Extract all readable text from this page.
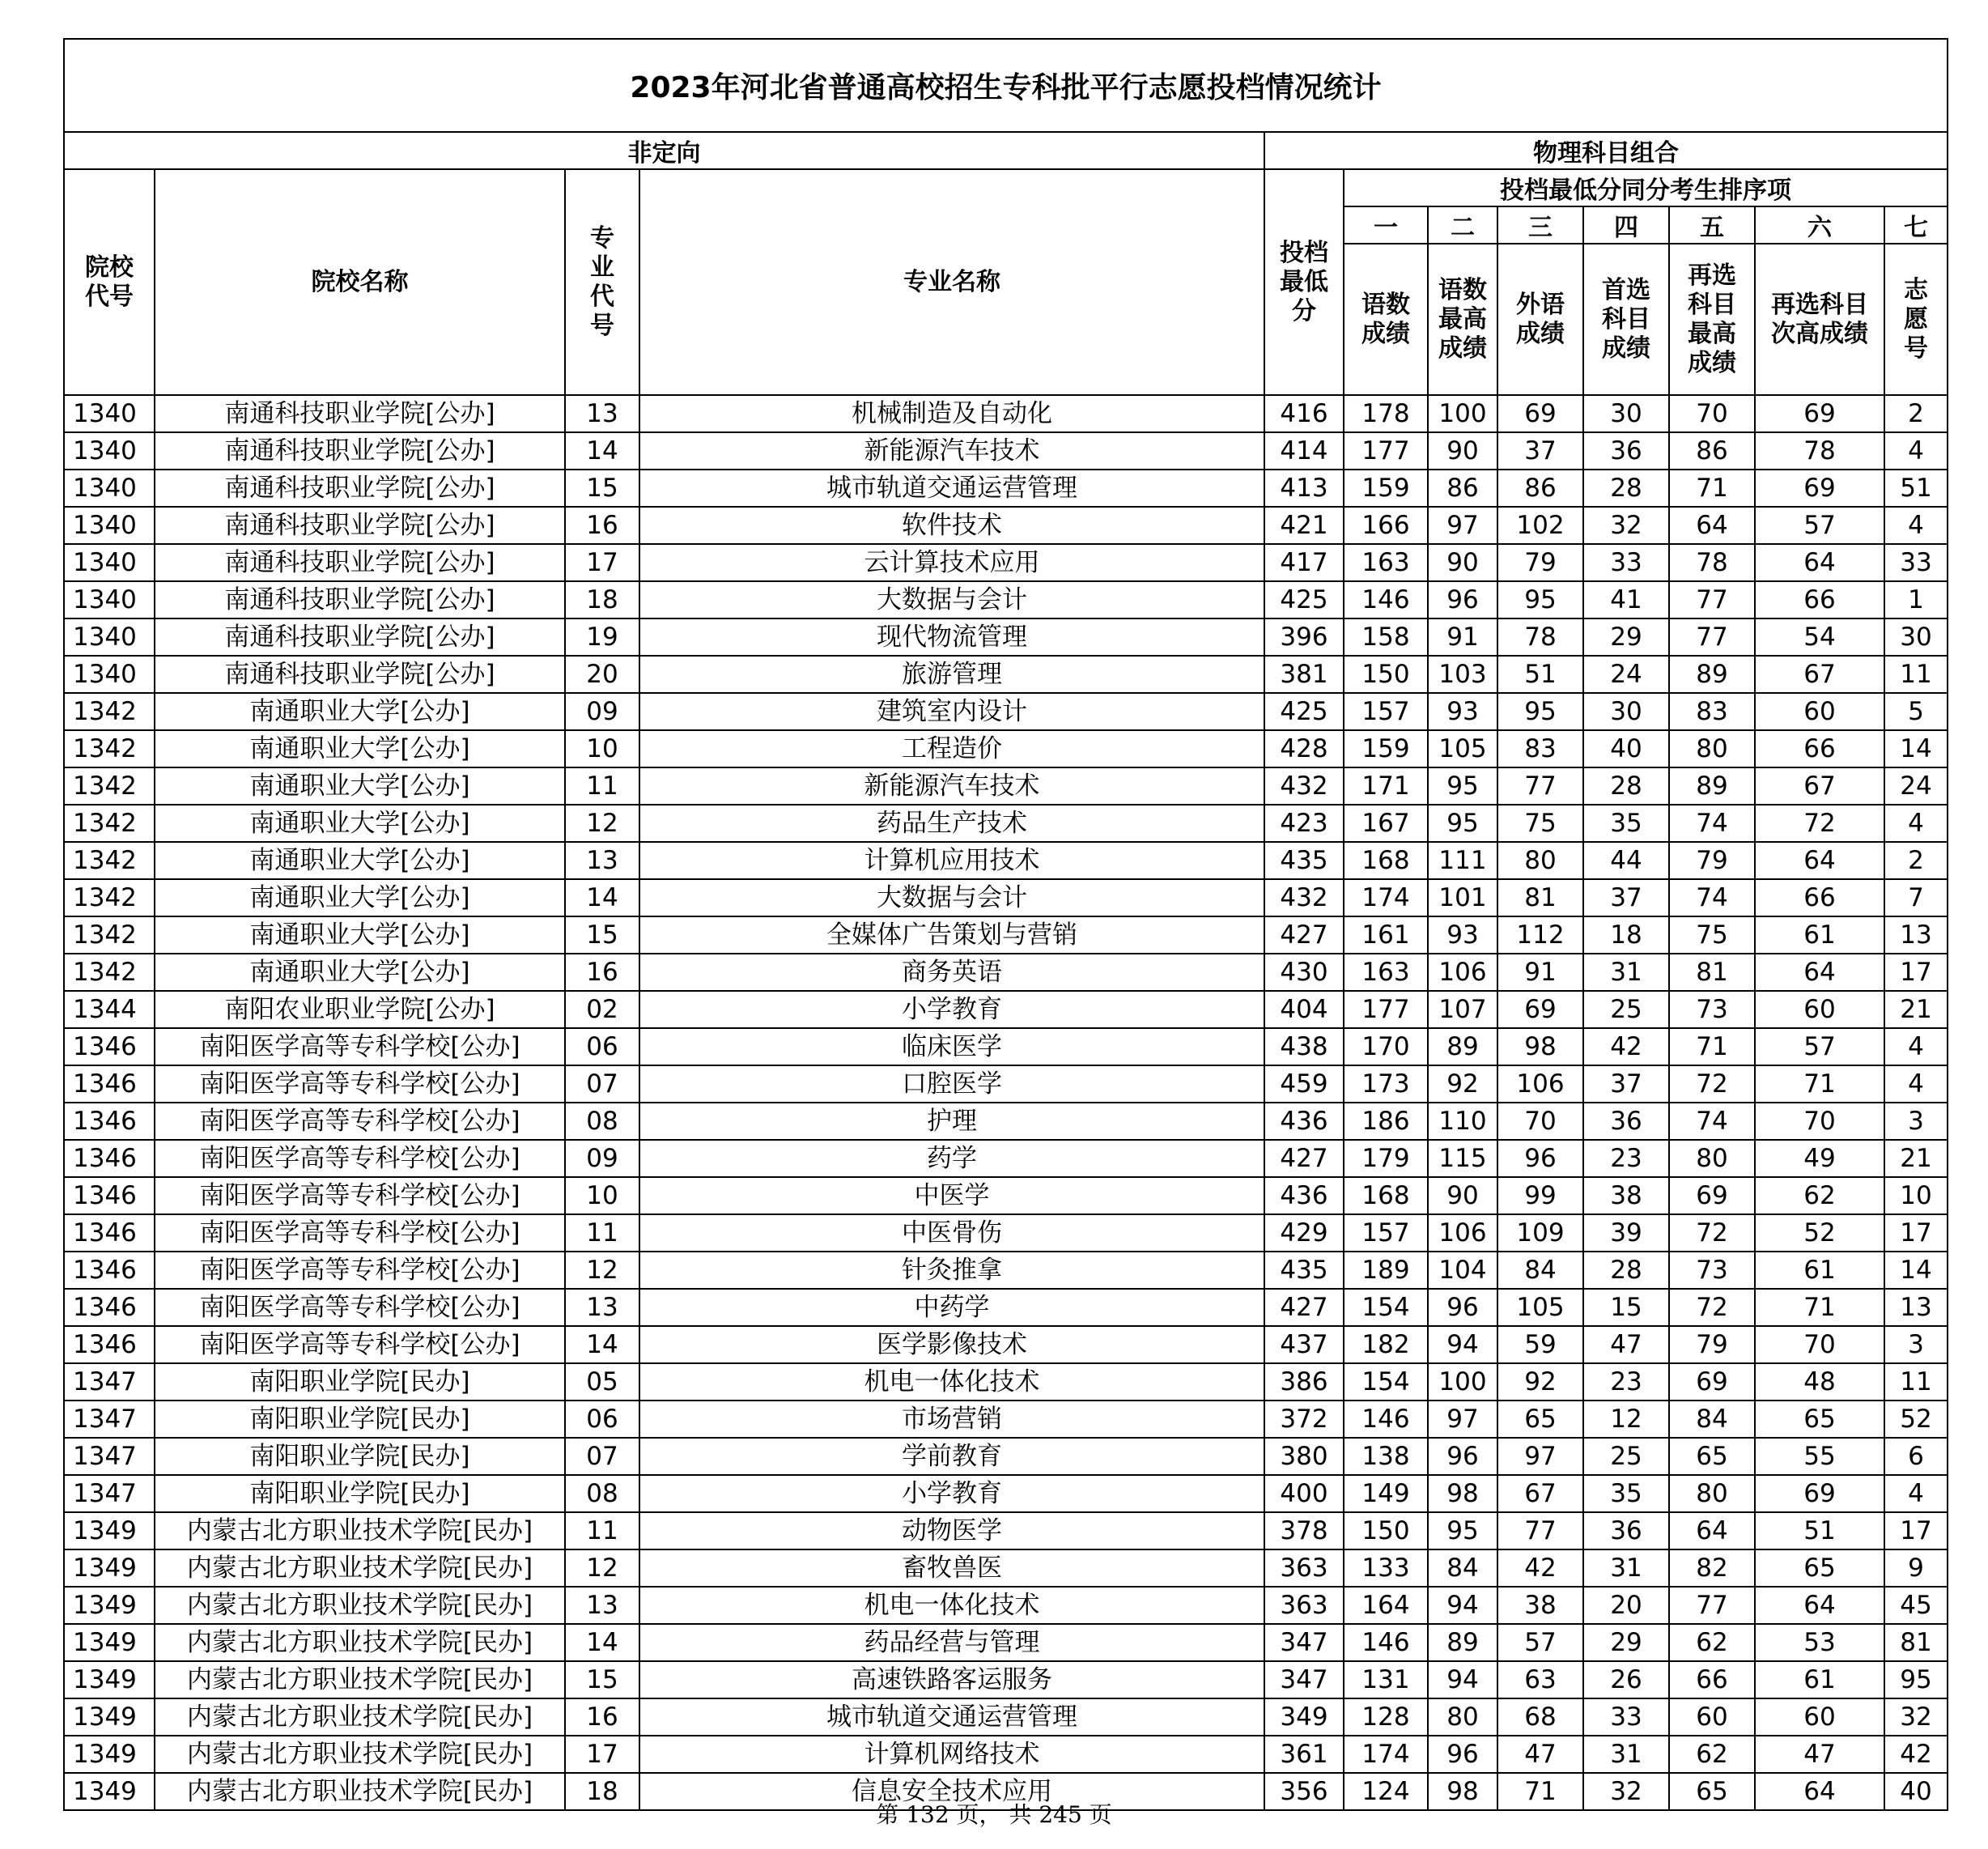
2023年河北省普通高校招生专科批平行志愿投档情况统计											
非定向				物理科目组合							
院校代号	院校名称	专业代号	专业名称	投档最低分	投档最低分同分考生排序项						
					一	二	三	四	五	六	七
					语数成绩	语数最高成绩	外语成绩	首选科目成绩	再选科目最高成绩	再选科目次高成绩	志愿号
1340	南通科技职业学院[公办]	13	机械制造及自动化	416	178	100	69	30	70	69	2
1340	南通科技职业学院[公办]	14	新能源汽车技术	414	177	90	37	36	86	78	4
1340	南通科技职业学院[公办]	15	城市轨道交通运营管理	413	159	86	86	28	71	69	51
1340	南通科技职业学院[公办]	16	软件技术	421	166	97	102	32	64	57	4
1340	南通科技职业学院[公办]	17	云计算技术应用	417	163	90	79	33	78	64	33
1340	南通科技职业学院[公办]	18	大数据与会计	425	146	96	95	41	77	66	1
1340	南通科技职业学院[公办]	19	现代物流管理	396	158	91	78	29	77	54	30
1340	南通科技职业学院[公办]	20	旅游管理	381	150	103	51	24	89	67	11
1342	南通职业大学[公办]	09	建筑室内设计	425	157	93	95	30	83	60	5
1342	南通职业大学[公办]	10	工程造价	428	159	105	83	40	80	66	14
1342	南通职业大学[公办]	11	新能源汽车技术	432	171	95	77	28	89	67	24
1342	南通职业大学[公办]	12	药品生产技术	423	167	95	75	35	74	72	4
1342	南通职业大学[公办]	13	计算机应用技术	435	168	111	80	44	79	64	2
1342	南通职业大学[公办]	14	大数据与会计	432	174	101	81	37	74	66	7
1342	南通职业大学[公办]	15	全媒体广告策划与营销	427	161	93	112	18	75	61	13
1342	南通职业大学[公办]	16	商务英语	430	163	106	91	31	81	64	17
1344	南阳农业职业学院[公办]	02	小学教育	404	177	107	69	25	73	60	21
1346	南阳医学高等专科学校[公办]	06	临床医学	438	170	89	98	42	71	57	4
1346	南阳医学高等专科学校[公办]	07	口腔医学	459	173	92	106	37	72	71	4
1346	南阳医学高等专科学校[公办]	08	护理	436	186	110	70	36	74	70	3
1346	南阳医学高等专科学校[公办]	09	药学	427	179	115	96	23	80	49	21
1346	南阳医学高等专科学校[公办]	10	中医学	436	168	90	99	38	69	62	10
1346	南阳医学高等专科学校[公办]	11	中医骨伤	429	157	106	109	39	72	52	17
1346	南阳医学高等专科学校[公办]	12	针灸推拿	435	189	104	84	28	73	61	14
1346	南阳医学高等专科学校[公办]	13	中药学	427	154	96	105	15	72	71	13
1346	南阳医学高等专科学校[公办]	14	医学影像技术	437	182	94	59	47	79	70	3
1347	南阳职业学院[民办]	05	机电一体化技术	386	154	100	92	23	69	48	11
1347	南阳职业学院[民办]	06	市场营销	372	146	97	65	12	84	65	52
1347	南阳职业学院[民办]	07	学前教育	380	138	96	97	25	65	55	6
1347	南阳职业学院[民办]	08	小学教育	400	149	98	67	35	80	69	4
1349	内蒙古北方职业技术学院[民办]	11	动物医学	378	150	95	77	36	64	51	17
1349	内蒙古北方职业技术学院[民办]	12	畜牧兽医	363	133	84	42	31	82	65	9
1349	内蒙古北方职业技术学院[民办]	13	机电一体化技术	363	164	94	38	20	77	64	45
1349	内蒙古北方职业技术学院[民办]	14	药品经营与管理	347	146	89	57	29	62	53	81
1349	内蒙古北方职业技术学院[民办]	15	高速铁路客运服务	347	131	94	63	26	66	61	95
1349	内蒙古北方职业技术学院[民办]	16	城市轨道交通运营管理	349	128	80	68	33	60	60	32
1349	内蒙古北方职业技术学院[民办]	17	计算机网络技术	361	174	96	47	31	62	47	42
1349	内蒙古北方职业技术学院[民办]	18	信息安全技术应用	356	124	98	71	32	65	64	40
第 132 页， 共 245 页
